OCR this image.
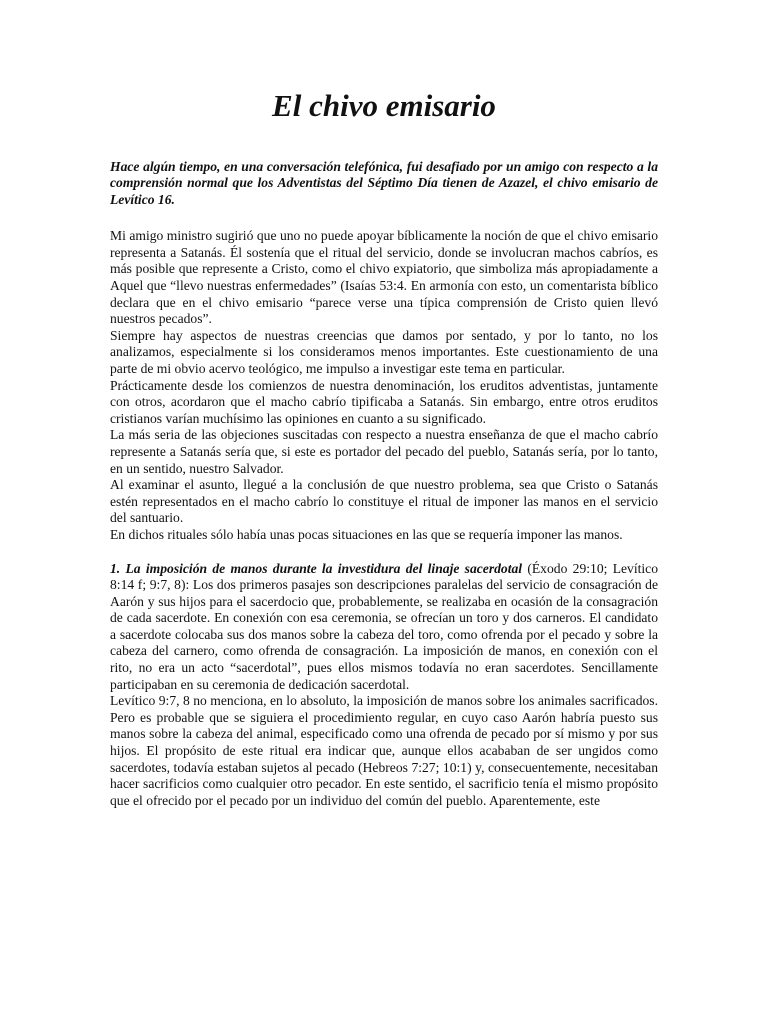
El chivo emisario

Hace algún tiempo, en una conversación telefónica, fui desafiado por un amigo con respecto a la comprensión normal que los Adventistas del Séptimo Día tienen de Azazel, el chivo emisario de Levítico 16.

Mi amigo ministro sugirió que uno no puede apoyar bíblicamente la noción de que el chivo emisario representa a Satanás. Él sostenía que el ritual del servicio, donde se involucran machos cabríos, es más posible que represente a Cristo, como el chivo expiatorio, que simboliza más apropiadamente a Aquel que “llevo nuestras enfermedades” (Isaías 53:4. En armonía con esto, un comentarista bíblico declara que en el chivo emisario “parece verse una típica comprensión de Cristo quien llevó nuestros pecados”.

Siempre hay aspectos de nuestras creencias que damos por sentado, y por lo tanto, no los analizamos, especialmente si los consideramos menos importantes. Este cuestionamiento de una parte de mi obvio acervo teológico, me impulso a investigar este tema en particular.

Prácticamente desde los comienzos de nuestra denominación, los eruditos adventistas, juntamente con otros, acordaron que el macho cabrío tipificaba a Satanás. Sin embargo, entre otros eruditos cristianos varían muchísimo las opiniones en cuanto a su significado.

La más seria de las objeciones suscitadas con respecto a nuestra enseñanza de que el macho cabrío represente a Satanás sería que, si este es portador del pecado del pueblo, Satanás sería, por lo tanto, en un sentido, nuestro Salvador.

Al examinar el asunto, llegué a la conclusión de que nuestro problema, sea que Cristo o Satanás estén representados en el macho cabrío lo constituye el ritual de imponer las manos en el servicio del santuario.

En dichos rituales sólo había unas pocas situaciones en las que se requería imponer las manos.

1. La imposición de manos durante la investidura del linaje sacerdotal (Éxodo 29:10; Levítico 8:14 f; 9:7, 8): Los dos primeros pasajes son descripciones paralelas del servicio de consagración de Aarón y sus hijos para el sacerdocio que, probablemente, se realizaba en ocasión de la consagración de cada sacerdote. En conexión con esa ceremonia, se ofrecían un toro y dos carneros. El candidato a sacerdote colocaba sus dos manos sobre la cabeza del toro, como ofrenda por el pecado y sobre la cabeza del carnero, como ofrenda de consagración. La imposición de manos, en conexión con el rito, no era un acto “sacerdotal”, pues ellos mismos todavía no eran sacerdotes. Sencillamente participaban en su ceremonia de dedicación sacerdotal.

Levítico 9:7, 8 no menciona, en lo absoluto, la imposición de manos sobre los animales sacrificados. Pero es probable que se siguiera el procedimiento regular, en cuyo caso Aarón habría puesto sus manos sobre la cabeza del animal, especificado como una ofrenda de pecado por sí mismo y por sus hijos. El propósito de este ritual era indicar que, aunque ellos acababan de ser ungidos como sacerdotes, todavía estaban sujetos al pecado (Hebreos 7:27; 10:1) y, consecuentemente, necesitaban hacer sacrificios como cualquier otro pecador. En este sentido, el sacrificio tenía el mismo propósito que el ofrecido por el pecado por un individuo del común del pueblo. Aparentemente, este
